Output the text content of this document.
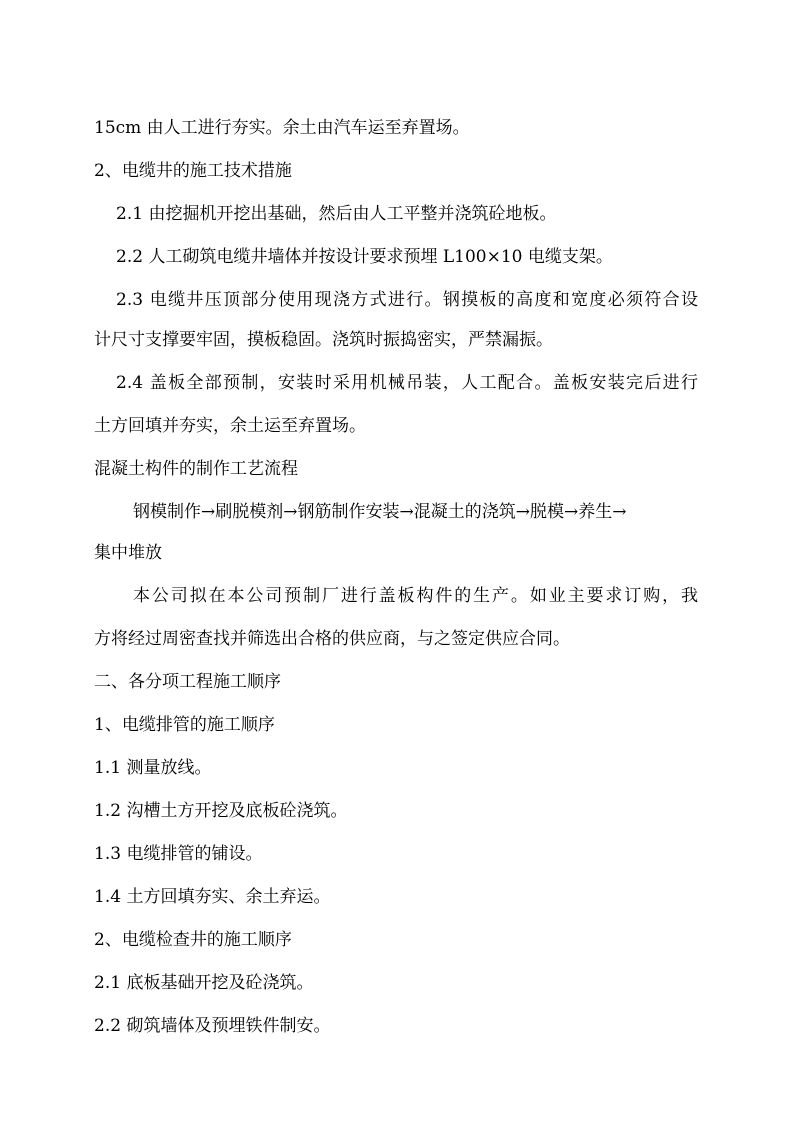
15cm 由人工进行夯实。余土由汽车运至弃置场。
2、电缆井的施工技术措施
2.1 由挖掘机开挖出基础，然后由人工平整并浇筑砼地板。
2.2 人工砌筑电缆井墙体并按设计要求预埋 L100×10 电缆支架。
2.3 电缆井压顶部分使用现浇方式进行。钢摸板的高度和宽度必须符合设
计尺寸支撑要牢固，摸板稳固。浇筑时振捣密实，严禁漏振。
2.4 盖板全部预制，安装时采用机械吊装，人工配合。盖板安装完后进行
土方回填并夯实，余土运至弃置场。
混凝土构件的制作工艺流程
钢模制作→刷脱模剂→钢筋制作安装→混凝土的浇筑→脱模→养生→
集中堆放
本公司拟在本公司预制厂进行盖板构件的生产。如业主要求订购，我
方将经过周密查找并筛选出合格的供应商，与之签定供应合同。
二、各分项工程施工顺序
1、电缆排管的施工顺序
1.1 测量放线。
1.2 沟槽土方开挖及底板砼浇筑。
1.3 电缆排管的铺设。
1.4 土方回填夯实、余土弃运。
2、电缆检查井的施工顺序
2.1 底板基础开挖及砼浇筑。
2.2 砌筑墙体及预埋铁件制安。
